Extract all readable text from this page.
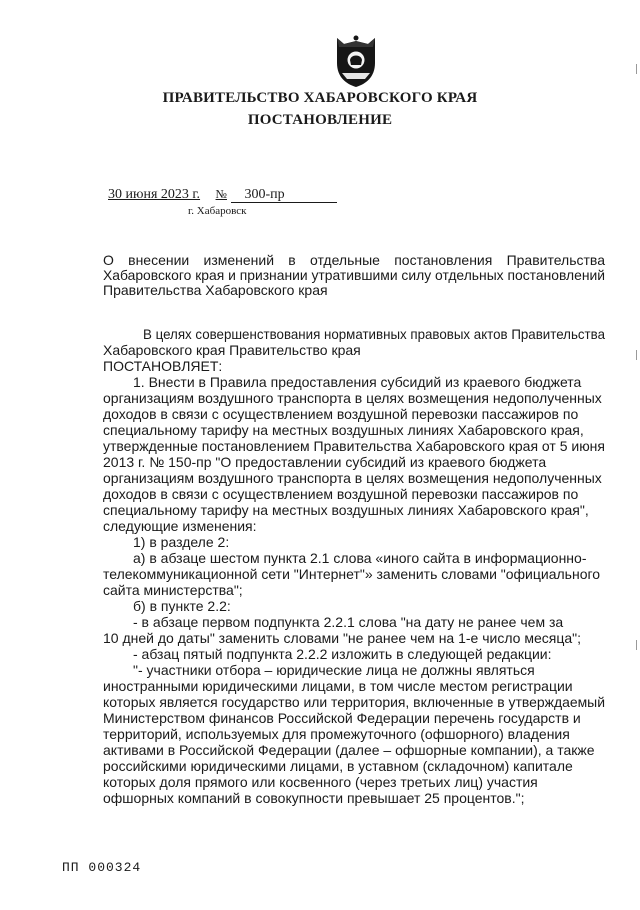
ПРАВИТЕЛЬСТВО ХАБАРОВСКОГО КРАЯ
ПОСТАНОВЛЕНИЕ
30 июня 2023 г. № 300-пр
г. Хабаровск
О внесении изменений в отдельные постановления Правительства
Хабаровского края и признании утратившими силу отдельных постановлений
Правительства Хабаровского края
В целях совершенствования нормативных правовых актов Правительства
Хабаровского края Правительство края
ПОСТАНОВЛЯЕТ:
1. Внести в Правила предоставления субсидий из краевого бюджета
организациям воздушного транспорта в целях возмещения недополученных
доходов в связи с осуществлением воздушной перевозки пассажиров по
специальному тарифу на местных воздушных линиях Хабаровского края,
утвержденные постановлением Правительства Хабаровского края от 5 июня
2013 г. № 150-пр "О предоставлении субсидий из краевого бюджета
организациям воздушного транспорта в целях возмещения недополученных
доходов в связи с осуществлением воздушной перевозки пассажиров по
специальному тарифу на местных воздушных линиях Хабаровского края",
следующие изменения:
1) в разделе 2:
а) в абзаце шестом пункта 2.1 слова «иного сайта в информационно-
телекоммуникационной сети "Интернет"» заменить словами "официального
сайта министерства";
б) в пункте 2.2:
- в абзаце первом подпункта 2.2.1 слова "на дату не ранее чем за
10 дней до даты" заменить словами "не ранее чем на 1-е число месяца";
- абзац пятый подпункта 2.2.2 изложить в следующей редакции:
"- участники отбора – юридические лица не должны являться
иностранными юридическими лицами, в том числе местом регистрации
которых является государство или территория, включенные в утверждаемый
Министерством финансов Российской Федерации перечень государств и
территорий, используемых для промежуточного (офшорного) владения
активами в Российской Федерации (далее – офшорные компании), а также
российскими юридическими лицами, в уставном (складочном) капитале
которых доля прямого или косвенного (через третьих лиц) участия
офшорных компаний в совокупности превышает 25 процентов.";
ПП 000324
